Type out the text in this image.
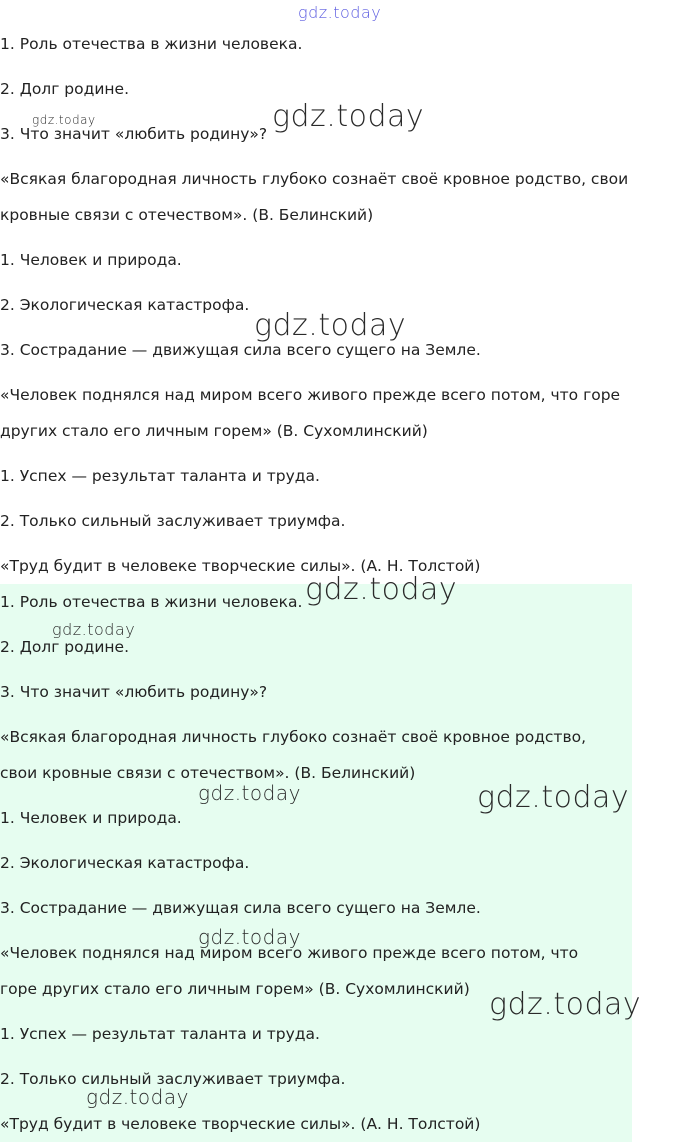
1. Роль отечества в жизни человека.
2. Долг родине.
3. Что значит «любить родину»?
«Всякая благородная личность глубоко сознаёт своё кровное родство, свои
кровные связи с отечеством». (В. Белинский)
1. Человек и природа.
2. Экологическая катастрофа.
3. Сострадание — движущая сила всего сущего на Земле.
«Человек поднялся над миром всего живого прежде всего потом, что горе
других стало его личным горем» (В. Сухомлинский)
1. Успех — результат таланта и труда.
2. Только сильный заслуживает триумфа.
«Труд будит в человеке творческие силы». (А. Н. Толстой)
1. Роль отечества в жизни человека.
2. Долг родине.
3. Что значит «любить родину»?
«Всякая благородная личность глубоко сознаёт своё кровное родство,
свои кровные связи с отечеством». (В. Белинский)
1. Человек и природа.
2. Экологическая катастрофа.
3. Сострадание — движущая сила всего сущего на Земле.
«Человек поднялся над миром всего живого прежде всего потом, что
горе других стало его личным горем» (В. Сухомлинский)
1. Успех — результат таланта и труда.
2. Только сильный заслуживает триумфа.
«Труд будит в человеке творческие силы». (А. Н. Толстой)
gdz.today
gdz.today	gdz.today
gdz.today
gdz.today
gdz.today
gdz.today	gdz.today
gdz.today
gdz.today
gdz.today
